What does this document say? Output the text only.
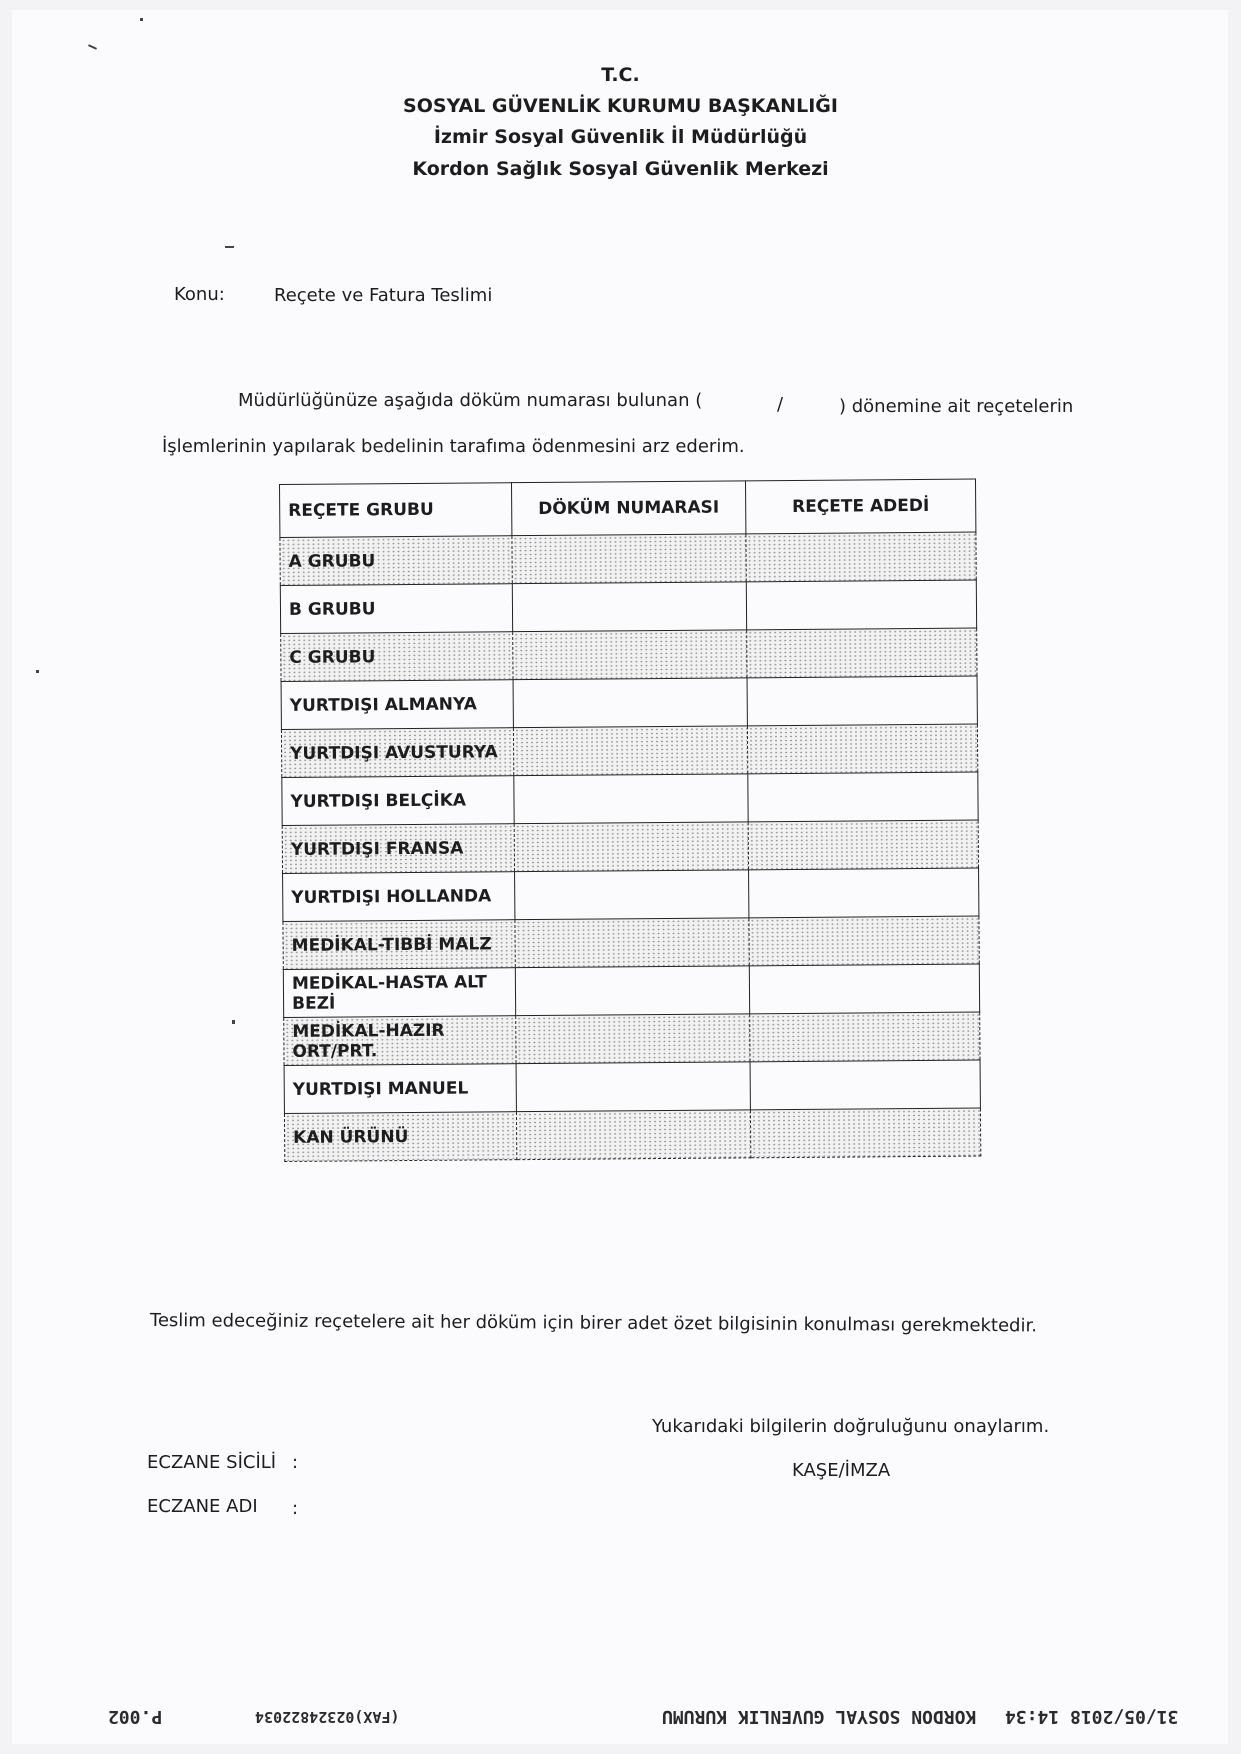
T.C.
SOSYAL GÜVENLİK KURUMU BAŞKANLIĞI
İzmir Sosyal Güvenlik İl Müdürlüğü
Kordon Sağlık Sosyal Güvenlik Merkezi
Konu:	Reçete ve Fatura Teslimi
Müdürlüğünüze aşağıda döküm numarası bulunan (	/	) dönemine ait reçetelerin
İşlemlerinin yapılarak bedelinin tarafıma ödenmesini arz ederim.
REÇETE GRUBU	DÖKÜM NUMARASI	REÇETE ADEDİ
A GRUBU		
B GRUBU		
C GRUBU		
YURTDIŞI ALMANYA		
YURTDIŞI AVUSTURYA		
YURTDIŞI BELÇİKA		
YURTDIŞI FRANSA		
YURTDIŞI HOLLANDA		
MEDİKAL-TIBBİ MALZ		
MEDİKAL-HASTA ALT BEZİ		
MEDİKAL-HAZIR ORT/PRT.		
YURTDIŞI MANUEL		
KAN ÜRÜNÜ		
Teslim edeceğiniz reçetelere ait her döküm için birer adet özet bilgisinin konulması gerekmektedir.
Yukarıdaki bilgilerin doğruluğunu onaylarım.
KAŞE/İMZA
ECZANE SİCİLİ :
ECZANE ADI :
31/05/2018 14:34
KORDON SOSYAL GUVENLIK KURUMU
(FAX)02324822034
P.002
